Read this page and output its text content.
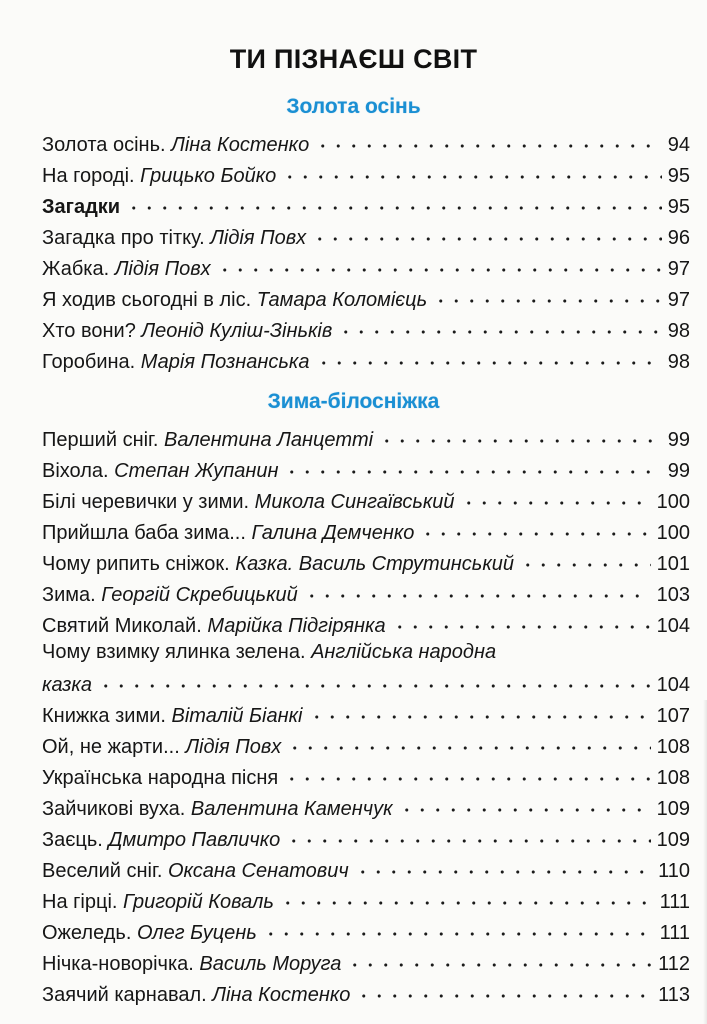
ТИ ПІЗНАЄШ СВІТ
Золота осінь
Зима-білосніжка
Золота осінь. Ліна Костенко	94
На городі. Грицько Бойко	95
Загадки	95
Загадка про тітку. Лідія Повх	96
Жабка. Лідія Повх	97
Я ходив сьогодні в ліс. Тамара Коломієць	97
Хто вони? Леонід Куліш-Зіньків	98
Горобина. Марія Познанська	98
Перший сніг. Валентина Ланцетті	99
Віхола. Степан Жупанин	99
Білі черевички у зими. Микола Сингаївський	100
Прийшла баба зима... Галина Демченко	100
Чому рипить сніжок. Казка. Василь Струтинський	101
Зима. Георгій Скребицький	103
Святий Миколай. Марійка Підгірянка	104
Чому взимку ялинка зелена. Англійська народна
казка	104
Книжка зими. Віталій Біанкі	107
Ой, не жарти... Лідія Повх	108
Українська народна пісня	108
Зайчикові вуха. Валентина Каменчук	109
Заєць. Дмитро Павличко	109
Веселий сніг. Оксана Сенатович	110
На гірці. Григорій Коваль	111
Ожеледь. Олег Буцень	111
Нічка-новорічка. Василь Моруга	112
Заячий карнавал. Ліна Костенко	113
